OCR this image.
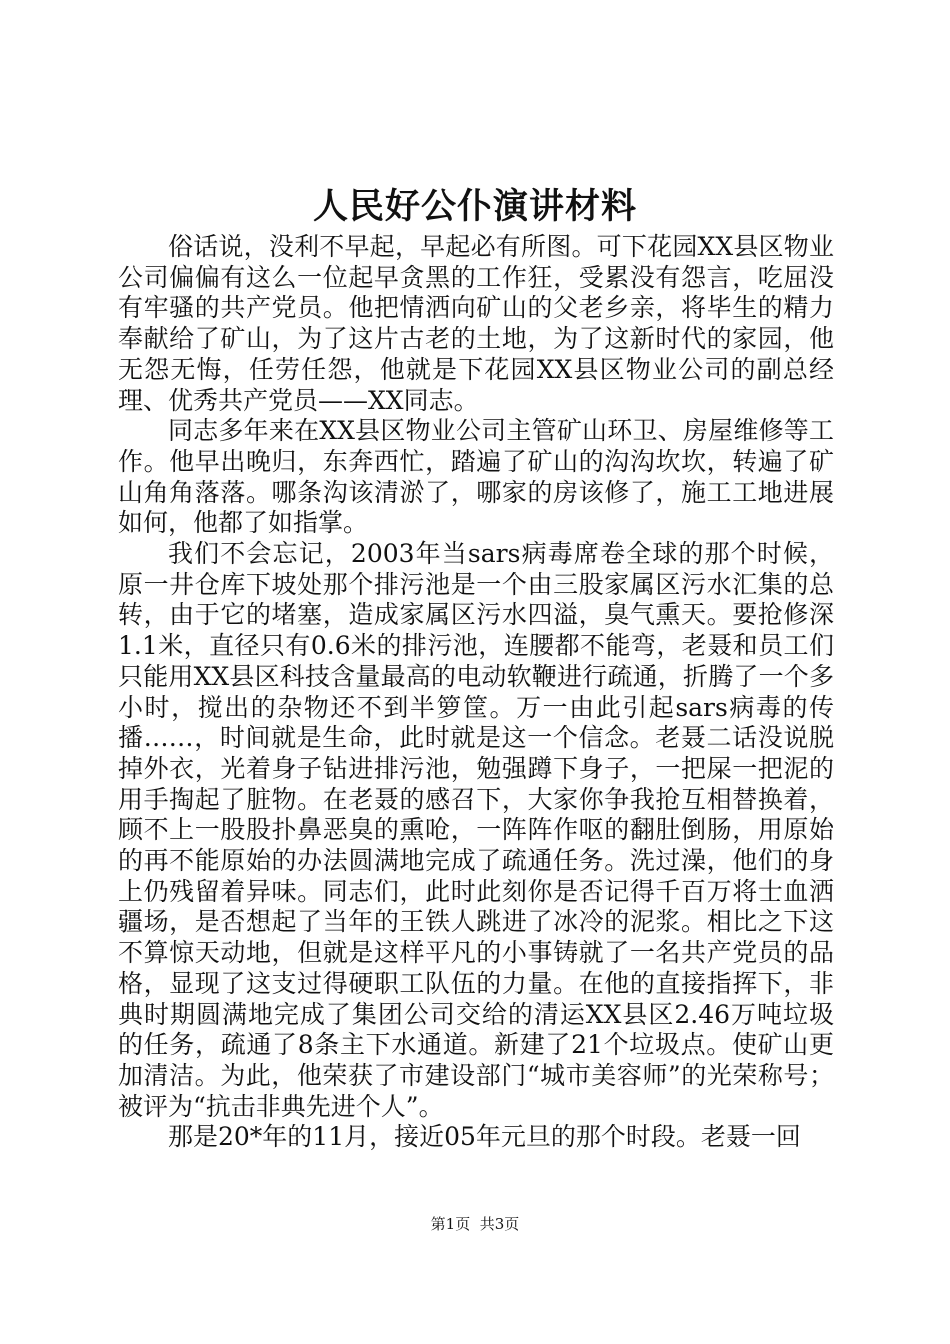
人民好公仆演讲材料

俗话说，没利不早起，早起必有所图。可下花园XX县区物业公司偏偏有这么一位起早贪黑的工作狂，受累没有怨言，吃屈没有牢骚的共产党员。他把情洒向矿山的父老乡亲，将毕生的精力奉献给了矿山，为了这片古老的土地，为了这新时代的家园，他无怨无悔，任劳任怨，他就是下花园XX县区物业公司的副总经理、优秀共产党员——XX同志。

同志多年来在XX县区物业公司主管矿山环卫、房屋维修等工作。他早出晚归，东奔西忙，踏遍了矿山的沟沟坎坎，转遍了矿山角角落落。哪条沟该清淤了，哪家的房该修了，施工工地进展如何，他都了如指掌。

我们不会忘记，2003年当sars病毒席卷全球的那个时候，原一井仓库下坡处那个排污池是一个由三股家属区污水汇集的总转，由于它的堵塞，造成家属区污水四溢，臭气熏天。要抢修深1.1米，直径只有0.6米的排污池，连腰都不能弯，老聂和员工们只能用XX县区科技含量最高的电动软鞭进行疏通，折腾了一个多小时，搅出的杂物还不到半箩筐。万一由此引起sars病毒的传播……，时间就是生命，此时就是这一个信念。老聂二话没说脱掉外衣，光着身子钻进排污池，勉强蹲下身子，一把屎一把泥的用手掏起了脏物。在老聂的感召下，大家你争我抢互相替换着，顾不上一股股扑鼻恶臭的熏呛，一阵阵作呕的翻肚倒肠，用原始的再不能原始的办法圆满地完成了疏通任务。洗过澡，他们的身上仍残留着异味。同志们，此时此刻你是否记得千百万将士血洒疆场，是否想起了当年的王铁人跳进了冰冷的泥浆。相比之下这不算惊天动地，但就是这样平凡的小事铸就了一名共产党员的品格，显现了这支过得硬职工队伍的力量。在他的直接指挥下，非典时期圆满地完成了集团公司交给的清运XX县区2.46万吨垃圾的任务，疏通了8条主下水通道。新建了21个垃圾点。使矿山更加清洁。为此，他荣获了市建设部门“城市美容师”的光荣称号；被评为“抗击非典先进个人”。

那是20*年的11月，接近05年元旦的那个时段。老聂一回

第1页 共3页
